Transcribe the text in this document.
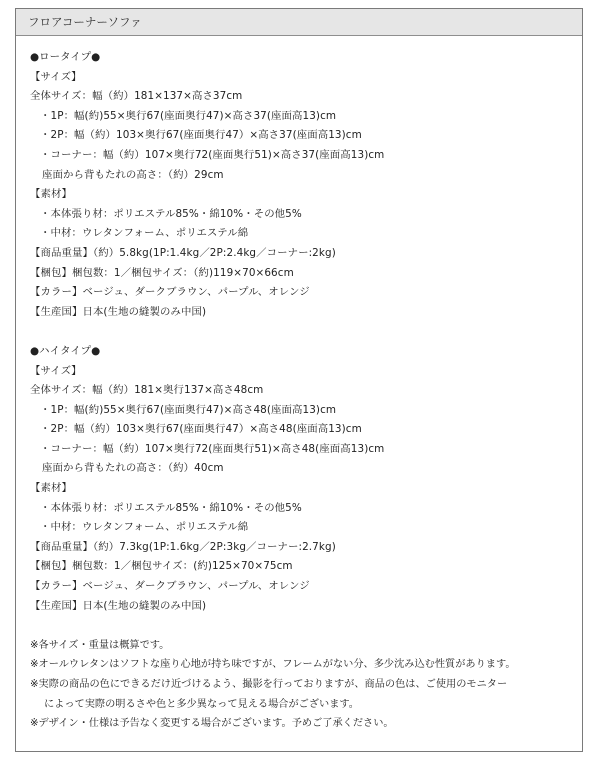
フロアコーナーソファ
●ロータイプ●
【サイズ】
全体サイズ：幅（約）181×137×高さ37cm
・1P：幅(約)55×奥行67(座面奥行47)×高さ37(座面高13)cm
・2P：幅（約）103×奥行67(座面奥行47）×高さ37(座面高13)cm
・コーナー：幅（約）107×奥行72(座面奥行51)×高さ37(座面高13)cm
座面から背もたれの高さ：（約）29cm
【素材】
・本体張り材：ポリエステル85%・綿10%・その他5%
・中材：ウレタンフォーム、ポリエステル綿
【商品重量】（約）5.8kg(1P:1.4kg／2P:2.4kg／コーナー:2kg)
【梱包】梱包数：1／梱包サイズ：（約)119×70×66cm
【カラー】ベージュ、ダークブラウン、パープル、オレンジ
【生産国】日本(生地の縫製のみ中国)
●ハイタイプ●
【サイズ】
全体サイズ：幅（約）181×奥行137×高さ48cm
・1P：幅(約)55×奥行67(座面奥行47)×高さ48(座面高13)cm
・2P：幅（約）103×奥行67(座面奥行47）×高さ48(座面高13)cm
・コーナー：幅（約）107×奥行72(座面奥行51)×高さ48(座面高13)cm
座面から背もたれの高さ：（約）40cm
【素材】
・本体張り材：ポリエステル85%・綿10%・その他5%
・中材：ウレタンフォーム、ポリエステル綿
【商品重量】（約）7.3kg(1P:1.6kg／2P:3kg／コーナー:2.7kg)
【梱包】梱包数：1／梱包サイズ：(約)125×70×75cm
【カラー】ベージュ、ダークブラウン、パープル、オレンジ
【生産国】日本(生地の縫製のみ中国)
※各サイズ・重量は概算です。
※オールウレタンはソフトな座り心地が持ち味ですが、フレームがない分、多少沈み込む性質があります。
※実際の商品の色にできるだけ近づけるよう、撮影を行っておりますが、商品の色は、ご使用のモニター
によって実際の明るさや色と多少異なって見える場合がございます。
※デザイン・仕様は予告なく変更する場合がございます。予めご了承ください。
